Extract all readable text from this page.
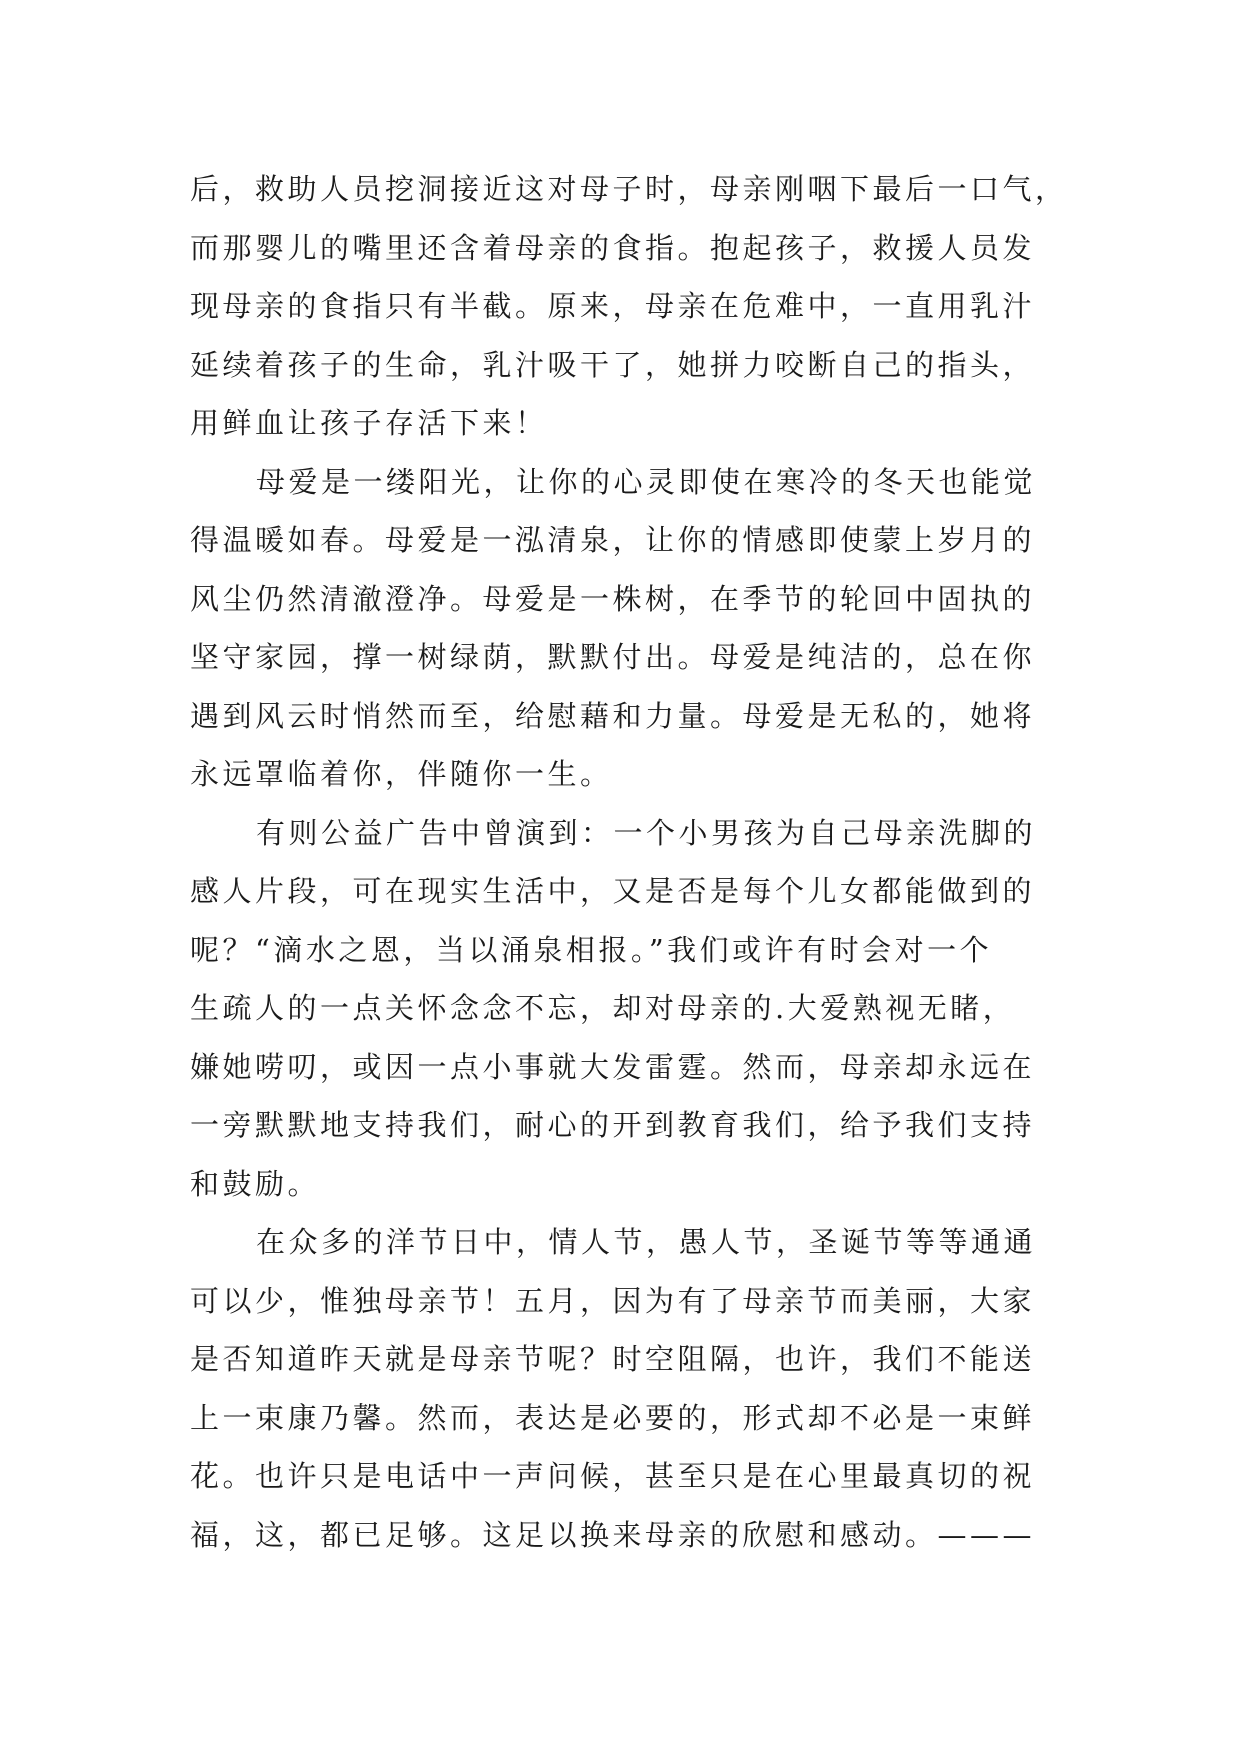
后，救助人员挖洞接近这对母子时，母亲刚咽下最后一口气，
而那婴儿的嘴里还含着母亲的食指。抱起孩子，救援人员发
现母亲的食指只有半截。原来，母亲在危难中，一直用乳汁
延续着孩子的生命，乳汁吸干了，她拼力咬断自己的指头，
用鲜血让孩子存活下来！
母爱是一缕阳光，让你的心灵即使在寒冷的冬天也能觉
得温暖如春。母爱是一泓清泉，让你的情感即使蒙上岁月的
风尘仍然清澈澄净。母爱是一株树，在季节的轮回中固执的
坚守家园，撑一树绿荫，默默付出。母爱是纯洁的，总在你
遇到风云时悄然而至，给慰藉和力量。母爱是无私的，她将
永远罩临着你，伴随你一生。
有则公益广告中曾演到：一个小男孩为自己母亲洗脚的
感人片段，可在现实生活中，又是否是每个儿女都能做到的
呢？“滴水之恩，当以涌泉相报。”我们或许有时会对一个
生疏人的一点关怀念念不忘，却对母亲的.大爱熟视无睹，
嫌她唠叨，或因一点小事就大发雷霆。然而，母亲却永远在
一旁默默地支持我们，耐心的开到教育我们，给予我们支持
和鼓励。
在众多的洋节日中，情人节，愚人节，圣诞节等等通通
可以少，惟独母亲节！五月，因为有了母亲节而美丽，大家
是否知道昨天就是母亲节呢？时空阻隔，也许，我们不能送
上一束康乃馨。然而，表达是必要的，形式却不必是一束鲜
花。也许只是电话中一声问候，甚至只是在心里最真切的祝
福，这，都已足够。这足以换来母亲的欣慰和感动。———
